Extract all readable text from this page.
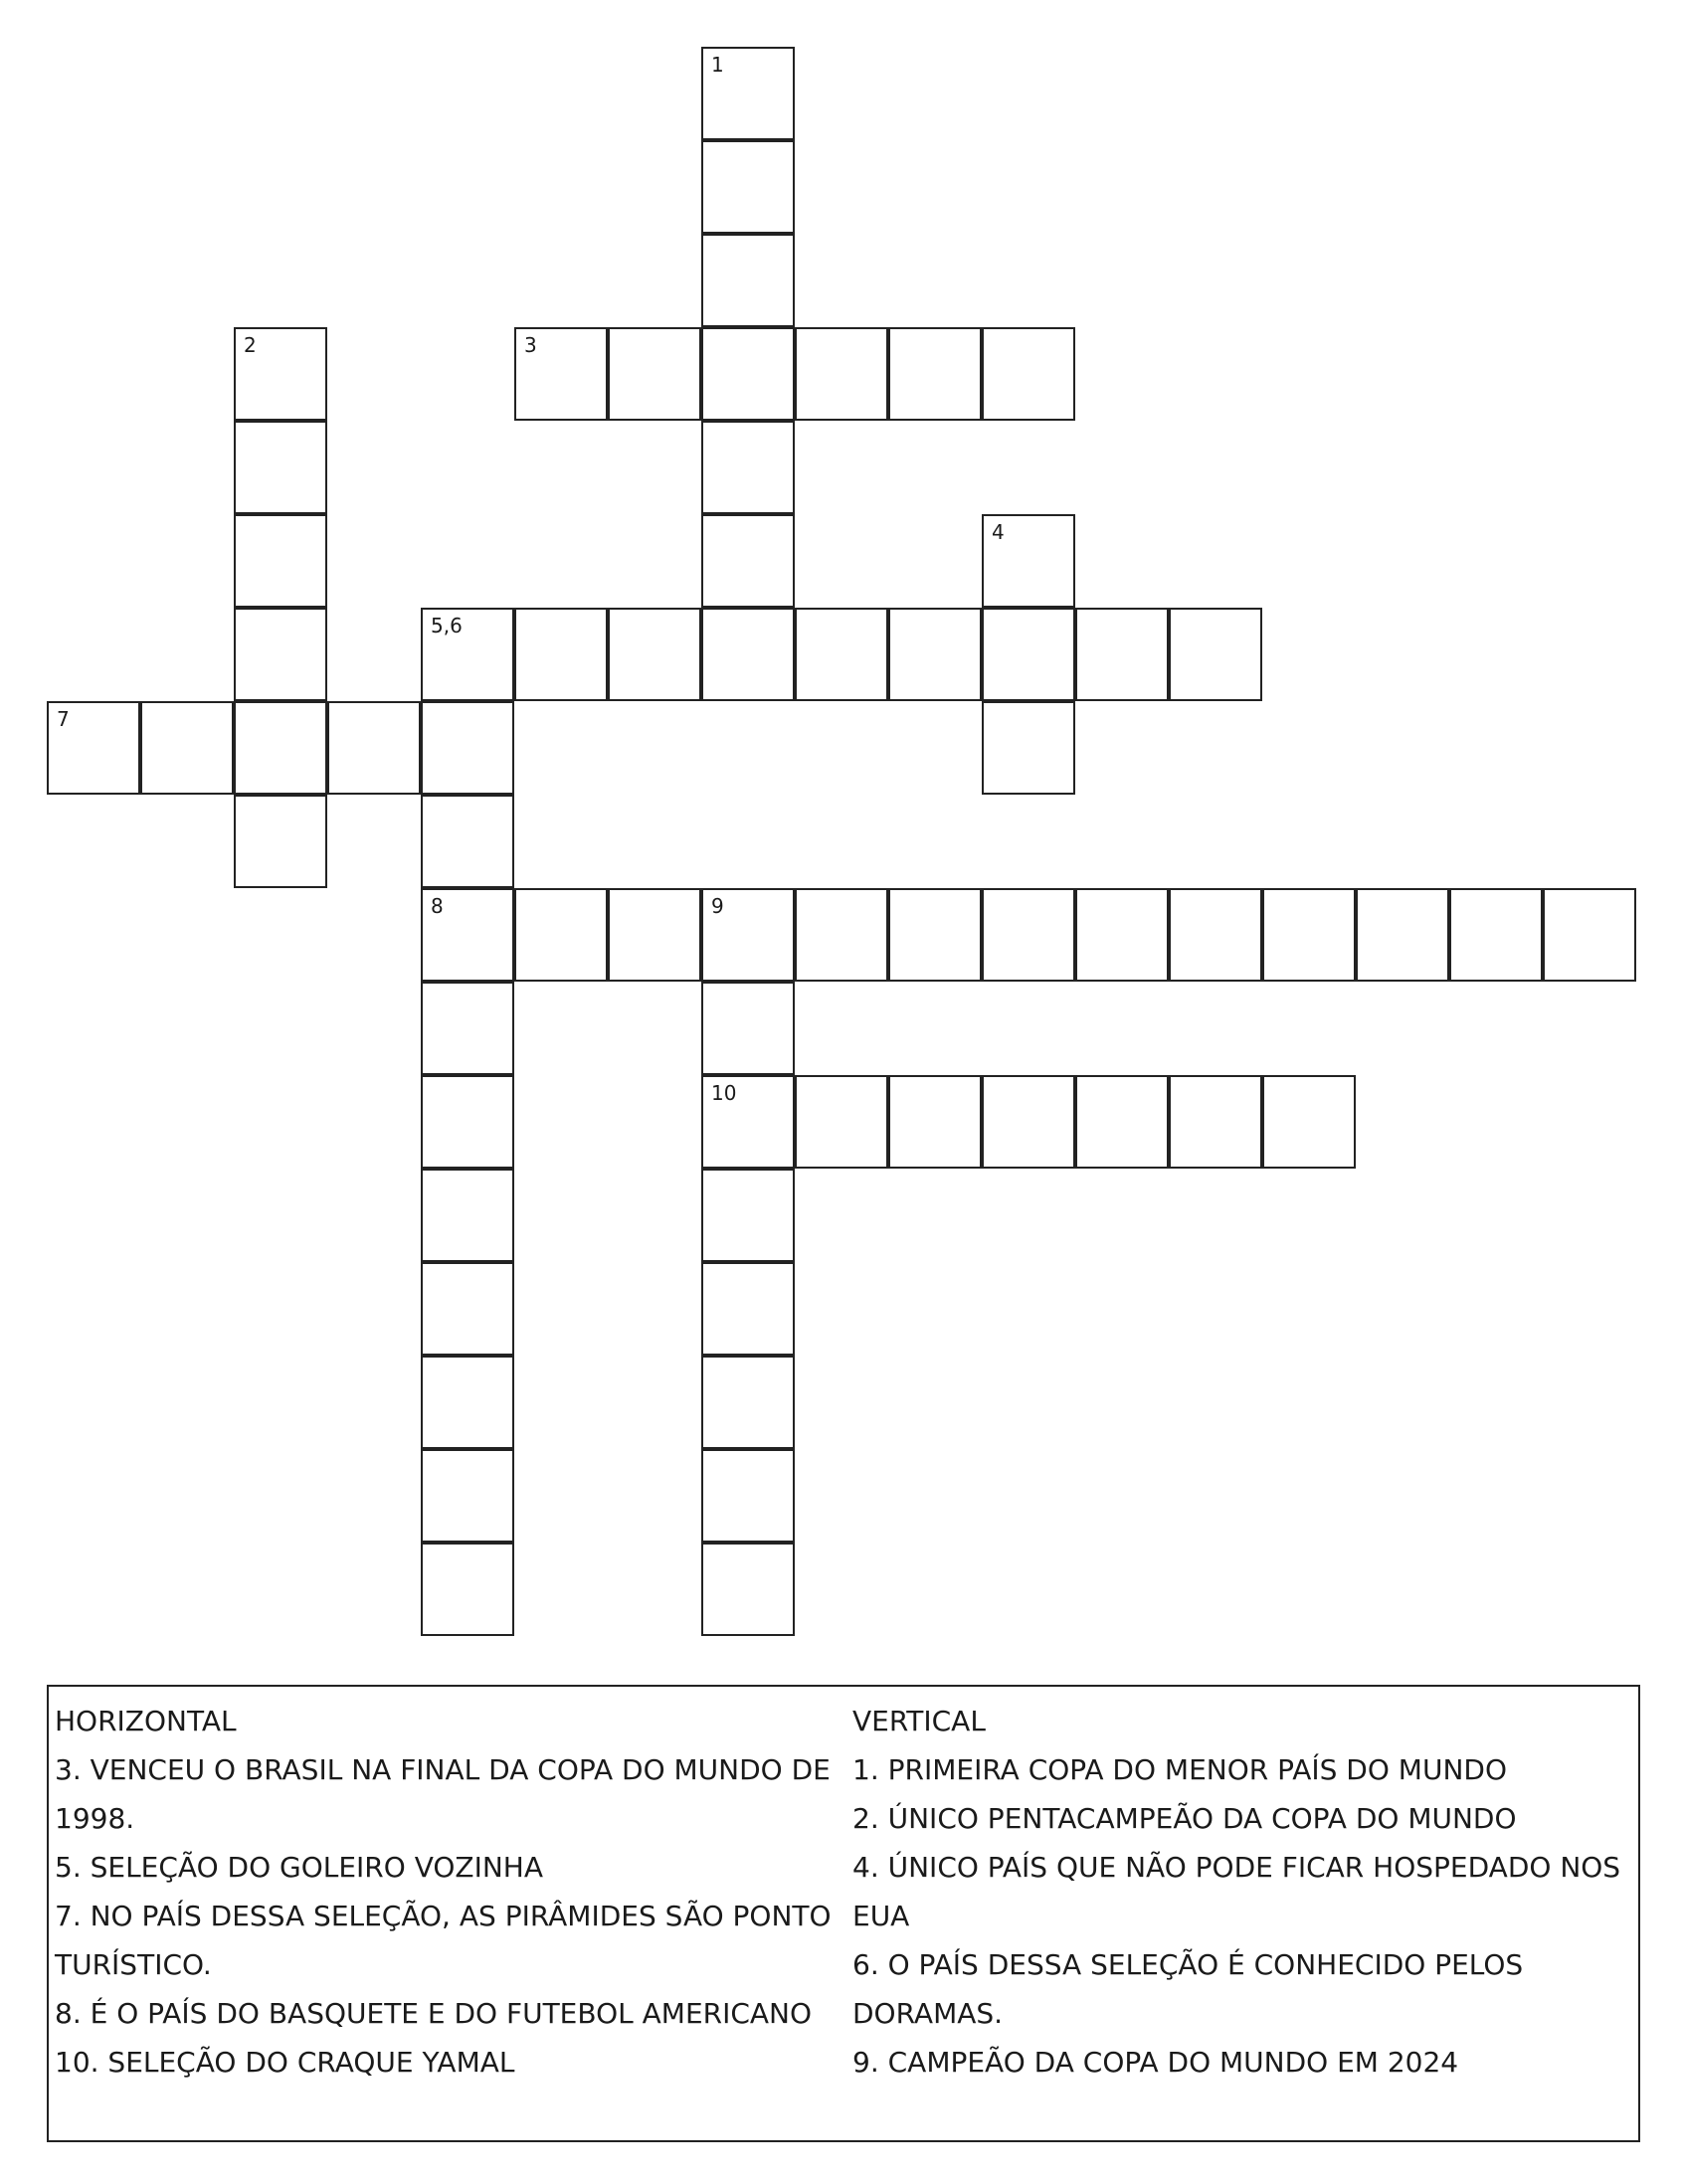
1
2	3
4
5,6
7
8	9
10
HORIZONTAL
3. VENCEU O BRASIL NA FINAL DA COPA DO MUNDO DE 1998.
5. SELEÇÃO DO GOLEIRO VOZINHA
7. NO PAÍS DESSA SELEÇÃO, AS PIRÂMIDES SÃO PONTO TURÍSTICO.
8. É O PAÍS DO BASQUETE E DO FUTEBOL AMERICANO
10. SELEÇÃO DO CRAQUE YAMAL
VERTICAL
1. PRIMEIRA COPA DO MENOR PAÍS DO MUNDO
2. ÚNICO PENTACAMPEÃO DA COPA DO MUNDO
4. ÚNICO PAÍS QUE NÃO PODE FICAR HOSPEDADO NOS EUA
6. O PAÍS DESSA SELEÇÃO É CONHECIDO PELOS DORAMAS.
9. CAMPEÃO DA COPA DO MUNDO EM 2024
